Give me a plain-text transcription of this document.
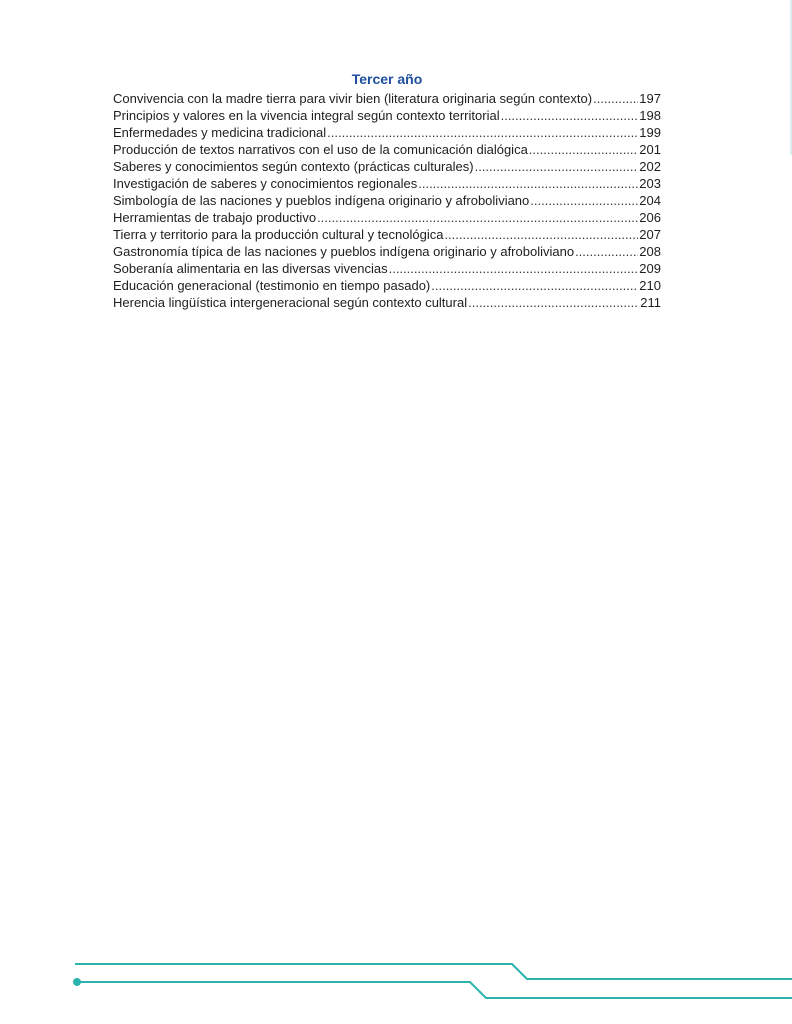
Tercer año
Convivencia con la madre tierra para vivir bien (literatura originaria según contexto) .....	197
Principios y valores en la vivencia integral según contexto territorial .....	198
Enfermedades y medicina tradicional .....	199
Producción de textos narrativos con el uso de la comunicación dialógica .....	201
Saberes y conocimientos según contexto (prácticas culturales) .....	202
Investigación de saberes y conocimientos regionales .....	203
Simbología de las naciones y pueblos indígena originario y afroboliviano .....	204
Herramientas de trabajo productivo .....	206
Tierra y territorio para la producción cultural y tecnológica .....	207
Gastronomía típica de las naciones y pueblos indígena originario y afroboliviano .....	208
Soberanía alimentaria en las diversas vivencias .....	209
Educación generacional (testimonio en tiempo pasado) .....	210
Herencia lingüística intergeneracional según contexto cultural .....	211
